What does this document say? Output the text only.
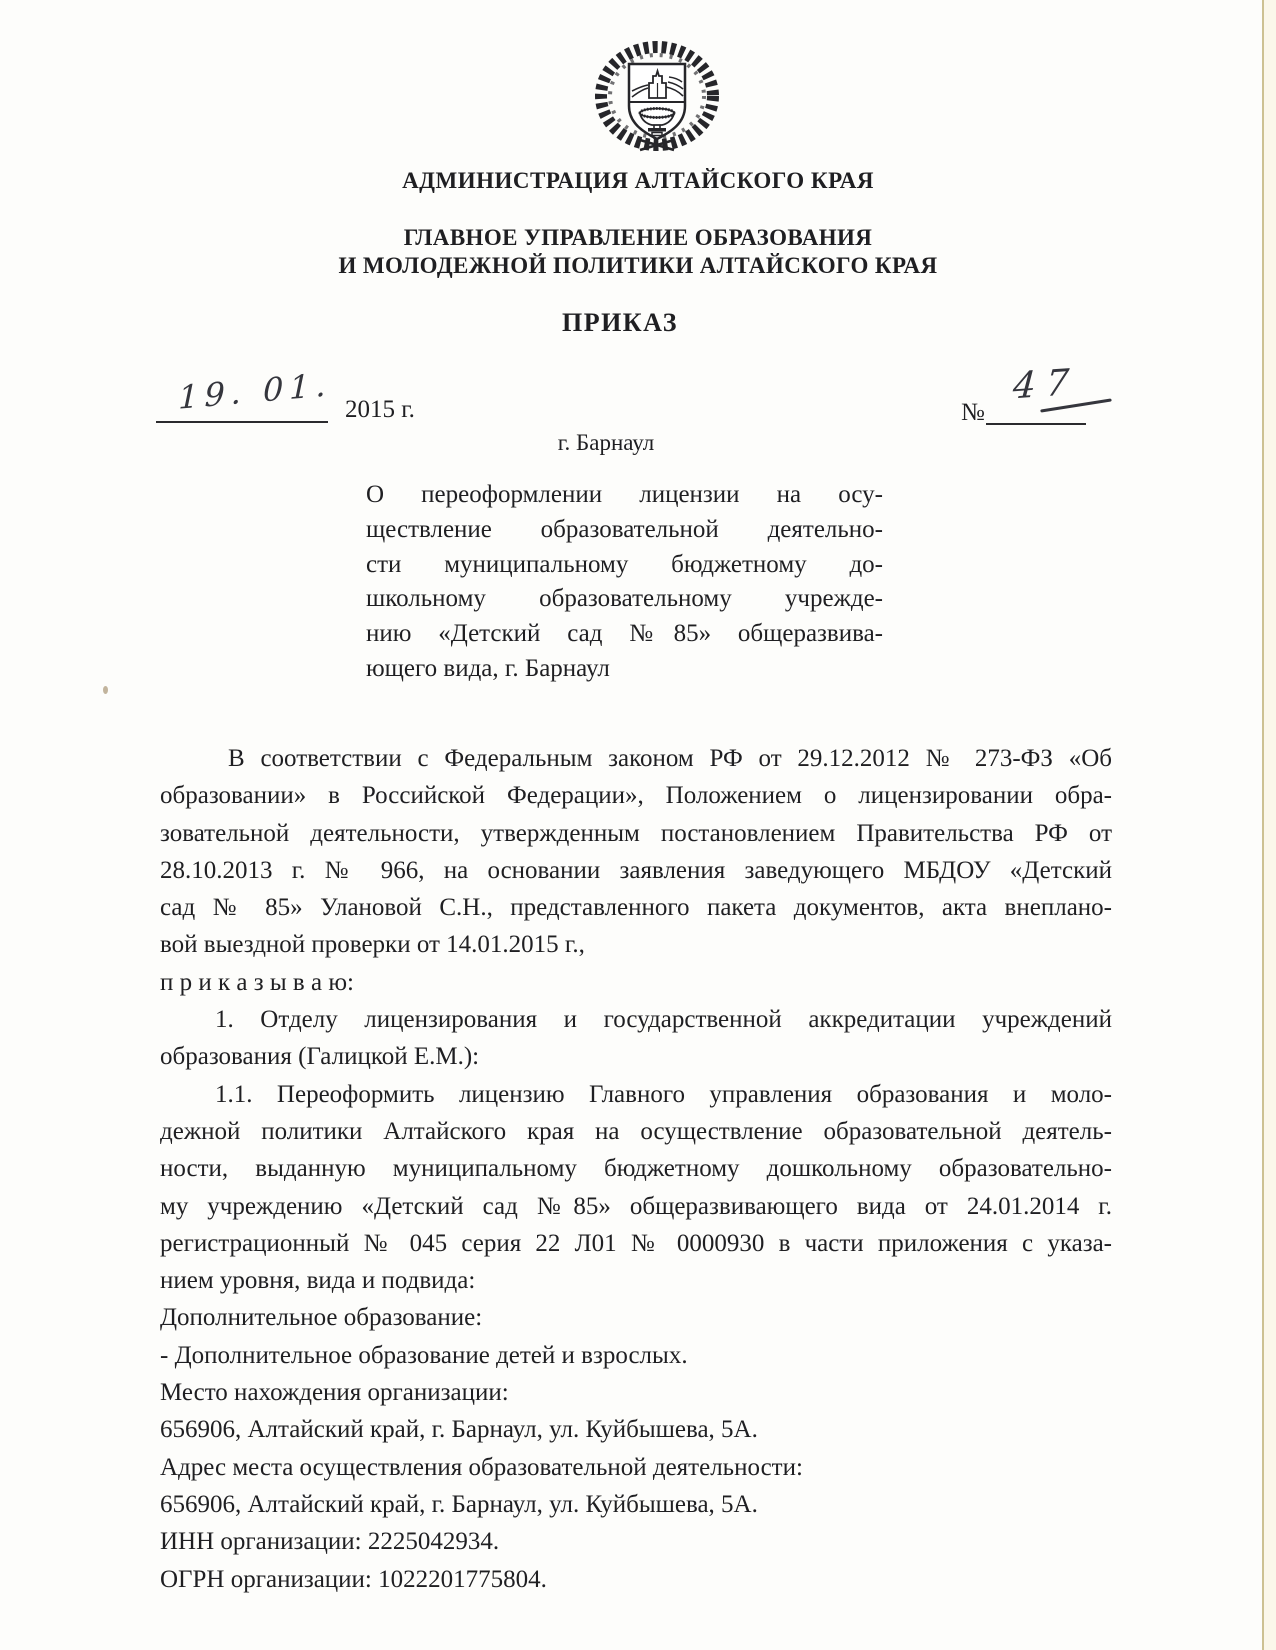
АДМИНИСТРАЦИЯ АЛТАЙСКОГО КРАЯ
ГЛАВНОЕ УПРАВЛЕНИЕ ОБРАЗОВАНИЯ
И МОЛОДЕЖНОЙ ПОЛИТИКИ АЛТАЙСКОГО КРАЯ
ПРИКАЗ
19. 01. 2015 г.	№
47
г. Барнаул
О переоформлении лицензии на осу-
ществление образовательной деятельно-
сти муниципальному бюджетному до-
школьному образовательному учрежде-
нию «Детский сад №85» общеразвива-
ющего вида, г. Барнаул
В соответствии с Федеральным законом РФ от 29.12.2012 № 273-ФЗ «Об
образовании» в Российской Федерации», Положением о лицензировании обра-
зовательной деятельности, утвержденным постановлением Правительства РФ от
28.10.2013 г. № 966, на основании заявления заведующего МБДОУ «Детский
сад № 85» Улановой С.Н., представленного пакета документов, акта внеплано-
вой выездной проверки от 14.01.2015 г.,
п р и к а з ы в а ю:
1. Отделу лицензирования и государственной аккредитации учреждений
образования (Галицкой Е.М.):
1.1. Переоформить лицензию Главного управления образования и моло-
дежной политики Алтайского края на осуществление образовательной деятель-
ности, выданную муниципальному бюджетному дошкольному образовательно-
му учреждению «Детский сад №85» общеразвивающего вида от 24.01.2014 г.
регистрационный № 045 серия 22 Л01 № 0000930 в части приложения с указа-
нием уровня, вида и подвида:
Дополнительное образование:
- Дополнительное образование детей и взрослых.
Место нахождения организации:
656906, Алтайский край, г. Барнаул, ул. Куйбышева, 5А.
Адрес места осуществления образовательной деятельности:
656906, Алтайский край, г. Барнаул, ул. Куйбышева, 5А.
ИНН организации: 2225042934.
ОГРН организации: 1022201775804.
